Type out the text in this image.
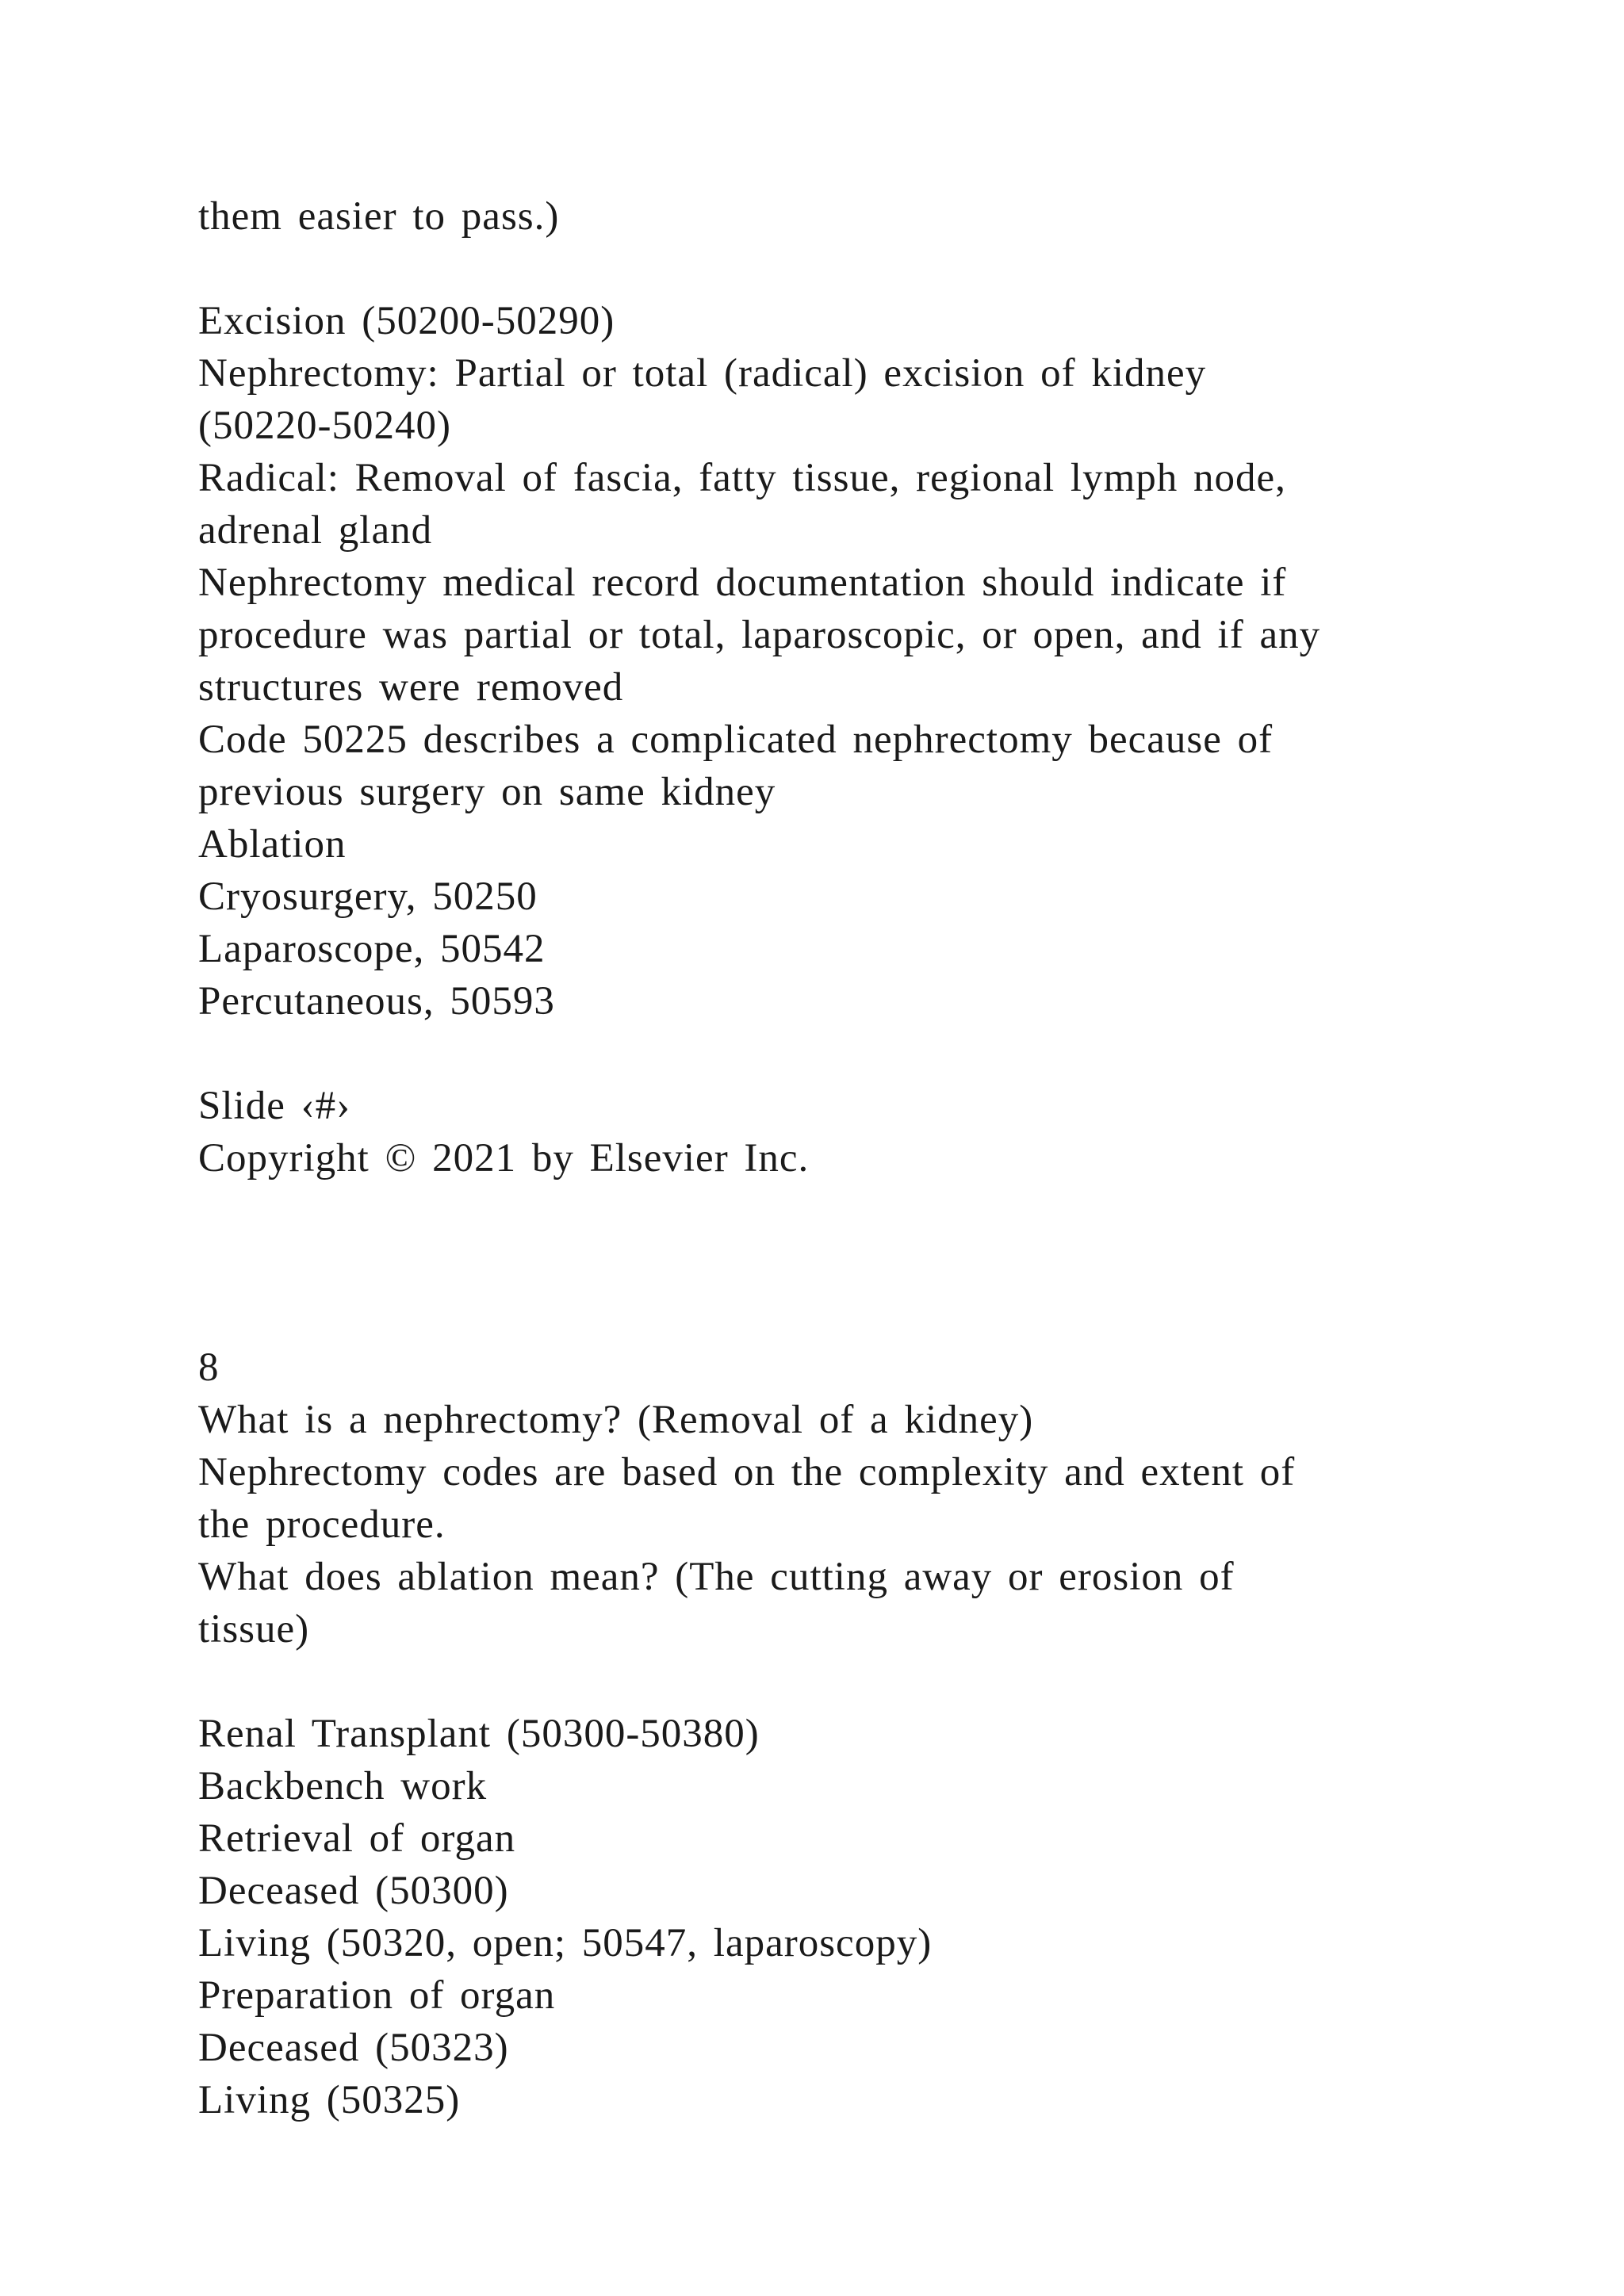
them easier to pass.)
Excision (50200-50290)
Nephrectomy: Partial or total (radical) excision of kidney
(50220-50240)
Radical: Removal of fascia, fatty tissue, regional lymph node,
adrenal gland
Nephrectomy medical record documentation should indicate if
procedure was partial or total, laparoscopic, or open, and if any
structures were removed
Code 50225 describes a complicated nephrectomy because of
previous surgery on same kidney
Ablation
Cryosurgery, 50250
Laparoscope, 50542
Percutaneous, 50593
Slide ‹#›
Copyright © 2021 by Elsevier Inc.
8
What is a nephrectomy? (Removal of a kidney)
Nephrectomy codes are based on the complexity and extent of
the procedure.
What does ablation mean? (The cutting away or erosion of
tissue)
Renal Transplant (50300-50380)
Backbench work
Retrieval of organ
Deceased (50300)
Living (50320, open; 50547, laparoscopy)
Preparation of organ
Deceased (50323)
Living (50325)
